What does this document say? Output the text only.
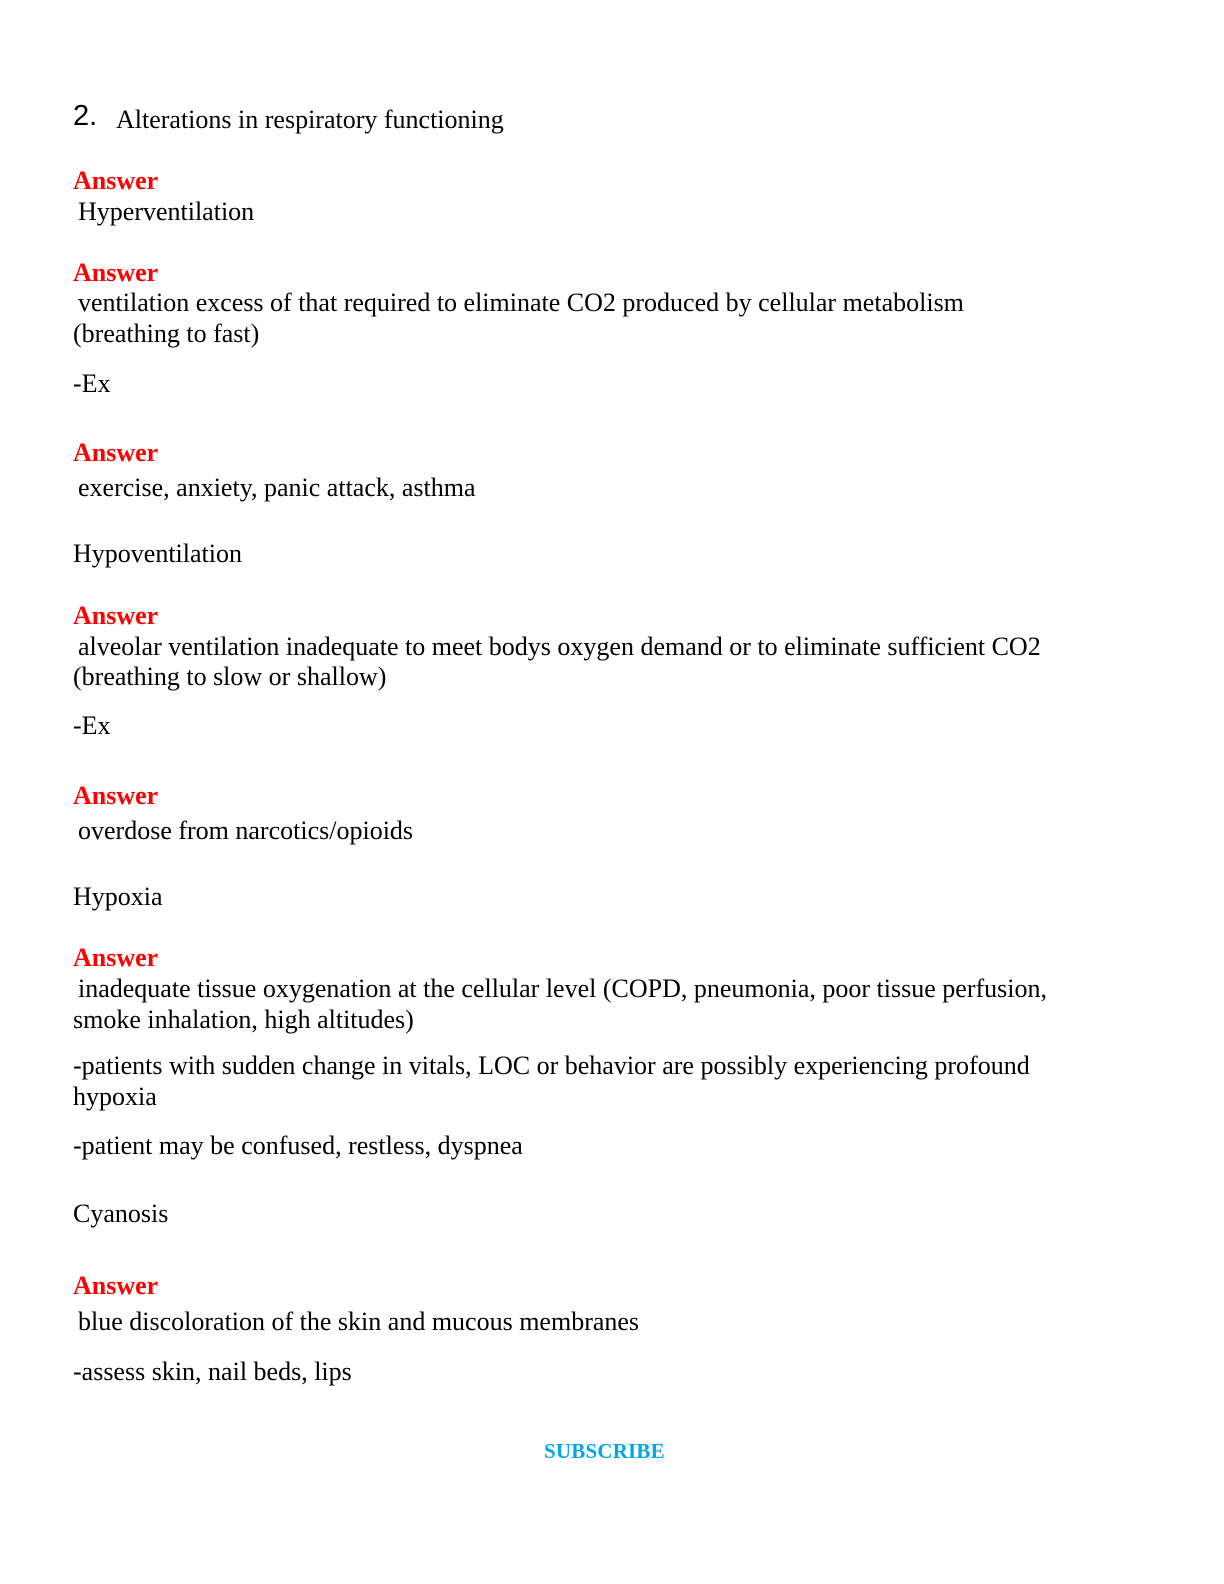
2. Alterations in respiratory functioning
Answer
Hyperventilation
Answer
ventilation excess of that required to eliminate CO2 produced by cellular metabolism
(breathing to fast)
-Ex
Answer
exercise, anxiety, panic attack, asthma
Hypoventilation
Answer
alveolar ventilation inadequate to meet bodys oxygen demand or to eliminate sufficient CO2
(breathing to slow or shallow)
-Ex
Answer
overdose from narcotics/opioids
Hypoxia
Answer
inadequate tissue oxygenation at the cellular level (COPD, pneumonia, poor tissue perfusion,
smoke inhalation, high altitudes)
-patients with sudden change in vitals, LOC or behavior are possibly experiencing profound
hypoxia
-patient may be confused, restless, dyspnea
Cyanosis
Answer
blue discoloration of the skin and mucous membranes
-assess skin, nail beds, lips
SUBSCRIBE
